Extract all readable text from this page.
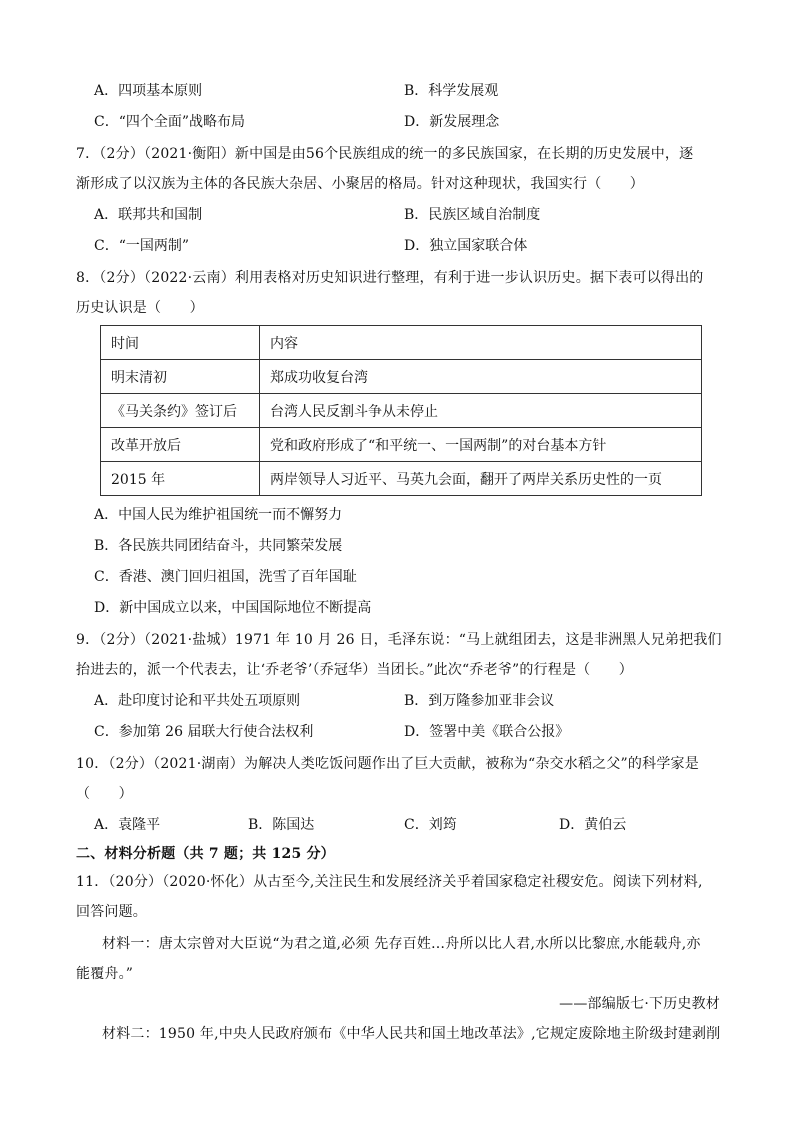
A．四项基本原则	B．科学发展观
C．“四个全面”战略布局	D．新发展理念
7．（2分）（2021·衡阳）新中国是由56个民族组成的统一的多民族国家，在长期的历史发展中，逐
渐形成了以汉族为主体的各民族大杂居、小聚居的格局。针对这种现状，我国实行（　　）
A．联邦共和国制	B．民族区域自治制度
C．“一国两制”	D．独立国家联合体
8．（2分）（2022·云南）利用表格对历史知识进行整理，有利于进一步认识历史。据下表可以得出的
历史认识是（　　）
时间	内容
明末清初	郑成功收复台湾
《马关条约》签订后	台湾人民反割斗争从未停止
改革开放后	党和政府形成了“和平统一、一国两制”的对台基本方针
2015 年	两岸领导人习近平、马英九会面，翻开了两岸关系历史性的一页
A．中国人民为维护祖国统一而不懈努力
B．各民族共同团结奋斗，共同繁荣发展
C．香港、澳门回归祖国，洗雪了百年国耻
D．新中国成立以来，中国国际地位不断提高
9．（2分）（2021·盐城）1971 年 10 月 26 日，毛泽东说：“马上就组团去，这是非洲黑人兄弟把我们
抬进去的，派一个代表去，让‘乔老爷’（乔冠华）当团长。”此次“乔老爷”的行程是（　　）
A．赴印度讨论和平共处五项原则	B．到万隆参加亚非会议
C．参加第 26 届联大行使合法权利	D．签署中美《联合公报》
10．（2分）（2021·湖南）为解决人类吃饭问题作出了巨大贡献，被称为“杂交水稻之父”的科学家是
（　　）
A．袁隆平	B．陈国达	C．刘筠	D．黄伯云
二、材料分析题（共 7 题；共 125 分）
11．（20分）（2020·怀化）从古至今,关注民生和发展经济关乎着国家稳定社稷安危。阅读下列材料,
回答问题。
材料一：唐太宗曾对大臣说“为君之道,必须 先存百姓…舟所以比人君,水所以比黎庶,水能载舟,亦
能覆舟。”
——部编版七·下历史教材
材料二：1950 年,中央人民政府颁布《中华人民共和国土地改革法》,它规定废除地主阶级封建剥削
